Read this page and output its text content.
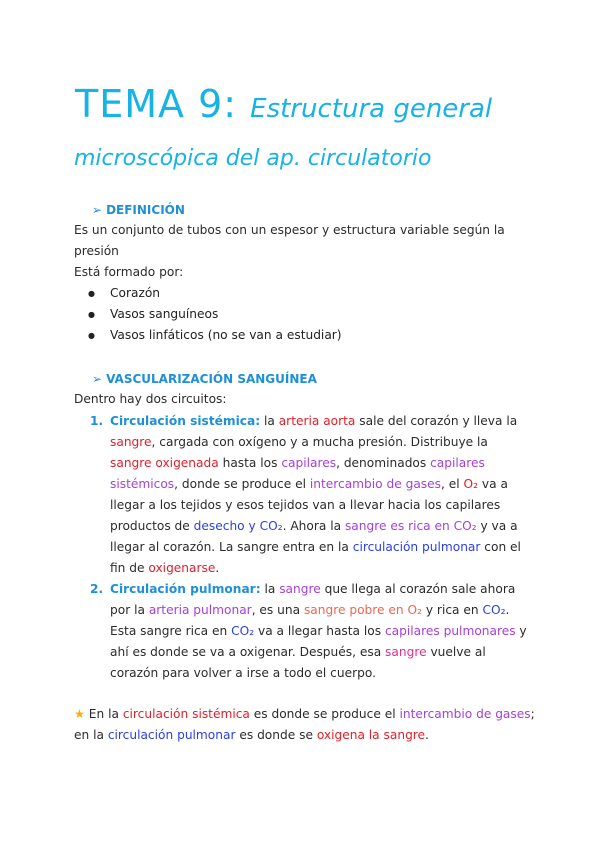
TEMA 9: Estructura general
microscópica del ap. circulatorio
➢ DEFINICIÓN
Es un conjunto de tubos con un espesor y estructura variable según la presión
Está formado por:
● Corazón
● Vasos sanguíneos
● Vasos linfáticos (no se van a estudiar)
➢ VASCULARIZACIÓN SANGUÍNEA
Dentro hay dos circuitos:
1. Circulación sistémica: la arteria aorta sale del corazón y lleva la sangre, cargada con oxígeno y a mucha presión. Distribuye la sangre oxigenada hasta los capilares, denominados capilares sistémicos, donde se produce el intercambio de gases, el O₂ va a llegar a los tejidos y esos tejidos van a llevar hacia los capilares productos de desecho y CO₂. Ahora la sangre es rica en CO₂ y va a llegar al corazón. La sangre entra en la circulación pulmonar con el fin de oxigenarse.
2. Circulación pulmonar: la sangre que llega al corazón sale ahora por la arteria pulmonar, es una sangre pobre en O₂ y rica en CO₂. Esta sangre rica en CO₂ va a llegar hasta los capilares pulmonares y ahí es donde se va a oxigenar. Después, esa sangre vuelve al corazón para volver a irse a todo el cuerpo.
★ En la circulación sistémica es donde se produce el intercambio de gases; en la circulación pulmonar es donde se oxigena la sangre.
